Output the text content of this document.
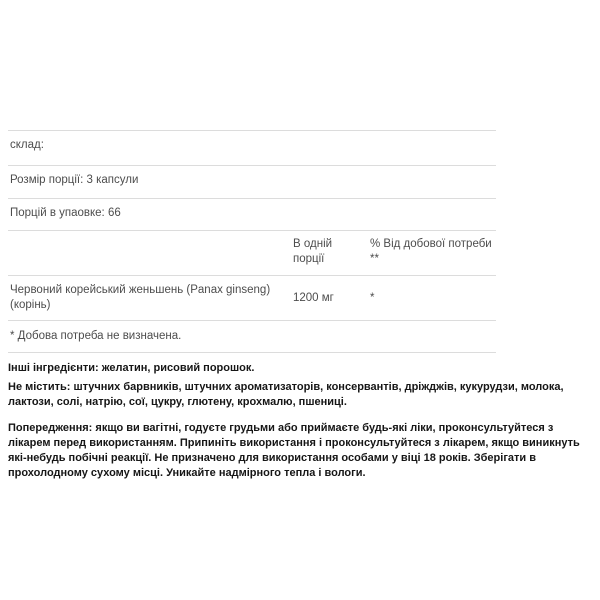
склад:
Розмір порції: 3 капсули
Порцій в упаовке: 66
В одній
порції
% Від добової потреби
**
Червоний корейський женьшень (Panax ginseng)
(корінь)
1200 мг	*
* Добова потреба не визначена.

Інші інгредієнти: желатин, рисовий порошок.

Не містить: штучних барвників, штучних ароматизаторів, консервантів, дріжджів, кукурудзи, молока, лактози, солі, натрію, сої, цукру, глютену, крохмалю, пшениці.

Попередження: якщо ви вагітні, годуєте грудьми або приймаєте будь-які ліки, проконсультуйтеся з лікарем перед використанням. Припиніть використання і проконсультуйтеся з лікарем, якщо виникнуть які-небудь побічні реакції. Не призначено для використання особами у віці 18 років. Зберігати в прохолодному сухому місці. Уникайте надмірного тепла і вологи.
